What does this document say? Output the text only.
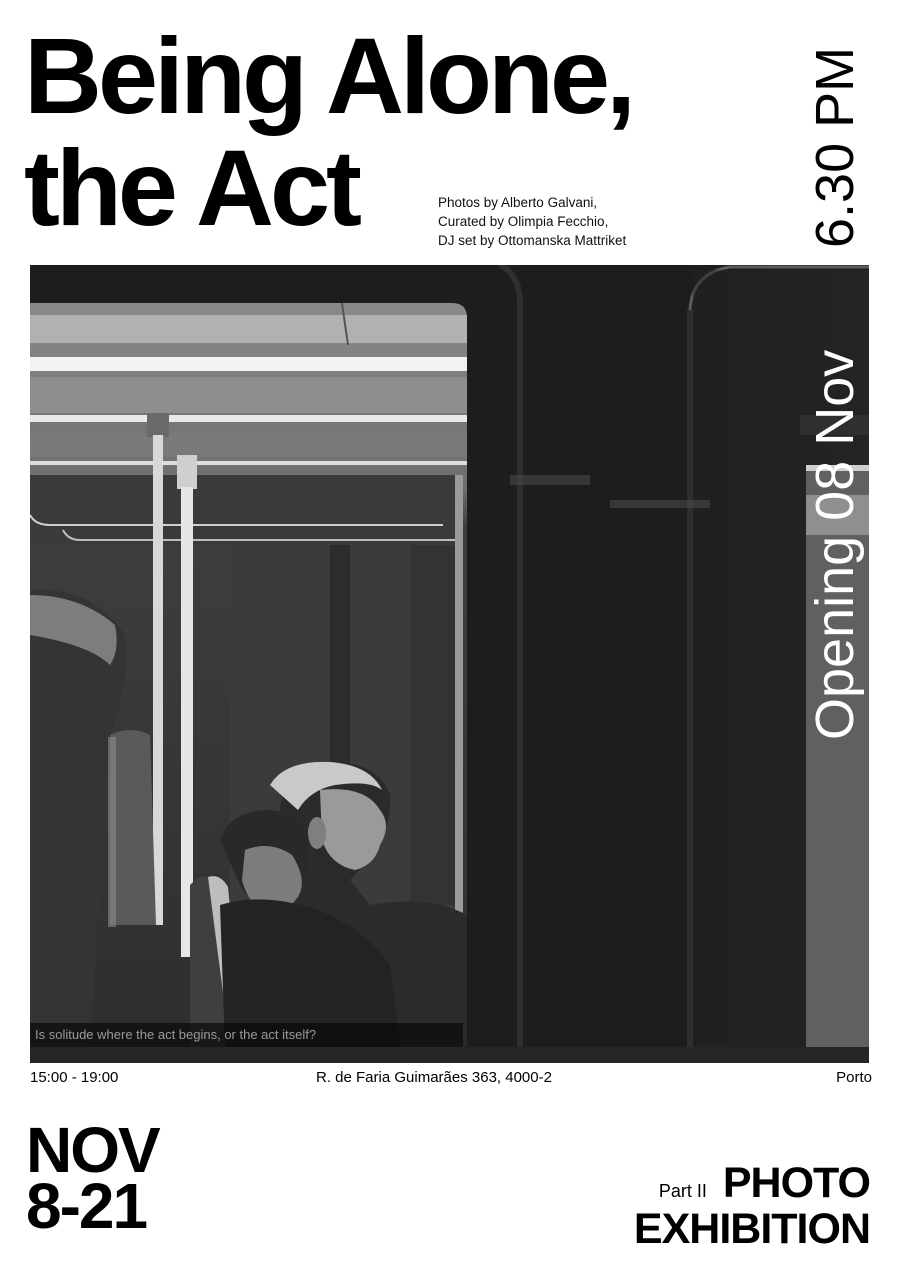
Being Alone,
the Act	Photos by Alberto Galvani,
Curated by Olimpia Fecchio,
DJ set by Ottomanska Mattriket	6.30 PM
Is solitude where the act begins, or the act itself?
Opening 08 Nov
15:00 - 19:00	R. de Faria Guimarães 363, 4000-2	Porto
NOV
8-21	Part II PHOTO
EXHIBITION
